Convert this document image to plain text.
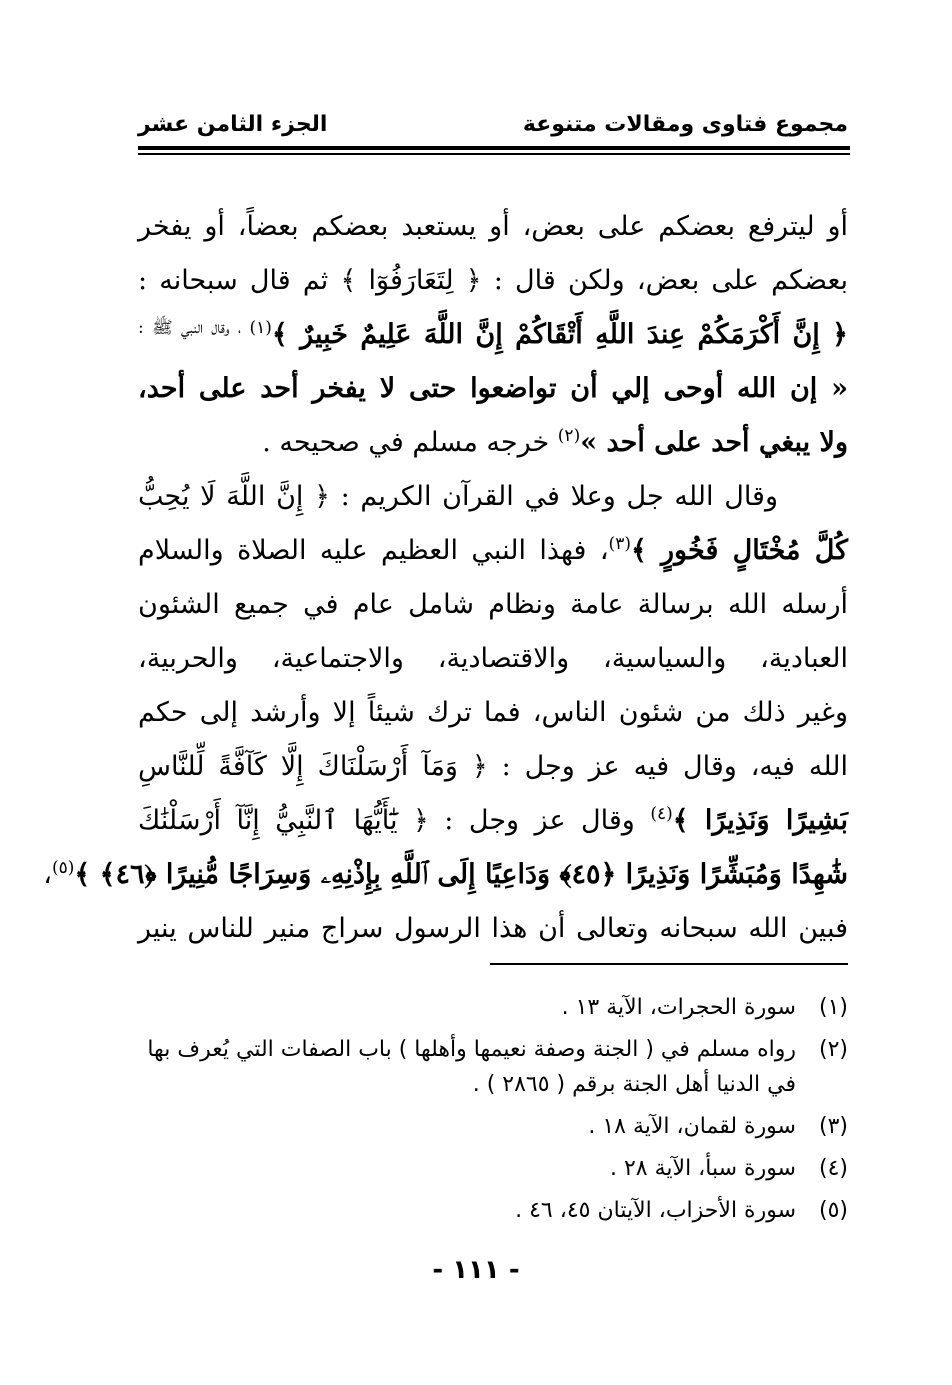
مجموع فتاوى ومقالات متنوعة
الجزء الثامن عشر
أو ليترفع بعضكم على بعض، أو يستعبد بعضكم بعضاً، أو يفخر
بعضكم على بعض، ولكن قال : ﴿ لِتَعَارَفُوٓا ﴾ ثم قال سبحانه :
﴿ إِنَّ أَكْرَمَكُمْ عِندَ اللَّهِ أَتْقَاكُمْ إِنَّ اللَّهَ عَلِيمٌ خَبِيرٌ ﴾$^{(١) ، وقال النبي ﷺ :}$
« إن الله أوحى إلي أن تواضعوا حتى لا يفخر أحد على أحد،
ولا يبغي أحد على أحد »$^{(٢)}$ خرجه مسلم في صحيحه .
وقال الله جل وعلا في القرآن الكريم : ﴿ إِنَّ اللَّهَ لَا يُحِبُّ
كُلَّ مُخْتَالٍ فَخُورٍ ﴾$^{(٣)}$، فهذا النبي العظيم عليه الصلاة والسلام
أرسله الله برسالة عامة ونظام شامل عام في جميع الشئون
العبادية، والسياسية، والاقتصادية، والاجتماعية، والحربية،
وغير ذلك من شئون الناس، فما ترك شيئاً إلا وأرشد إلى حكم
الله فيه، وقال فيه عز وجل : ﴿ وَمَآ أَرْسَلْنَاكَ إِلَّا كَآفَّةً لِّلنَّاسِ
بَشِيرًا وَنَذِيرًا ﴾$^{(٤)}$ وقال عز وجل : ﴿ يَٰٓأَيُّهَا ٱلنَّبِيُّ إِنَّآ أَرْسَلْنَٰكَ
شَٰهِدًا وَمُبَشِّرًا وَنَذِيرًا ﴿٤٥﴾ وَدَاعِيًا إِلَى ٱللَّهِ بِإِذْنِهِۦ وَسِرَاجًا مُّنِيرًا ﴿٤٦﴾ ﴾$^{(٥)}$،
فبين الله سبحانه وتعالى أن هذا الرسول سراج منير للناس ينير
(١)
سورة الحجرات، الآية ١٣ .
(٢)
رواه مسلم في ( الجنة وصفة نعيمها وأهلها ) باب الصفات التي يُعرف بها في الدنيا أهل الجنة برقم ( ٢٨٦٥ ) .
(٣)
سورة لقمان، الآية ١٨ .
(٤)
سورة سبأ، الآية ٢٨ .
(٥)
سورة الأحزاب، الآيتان ٤٥، ٤٦ .
- ١١١ -
